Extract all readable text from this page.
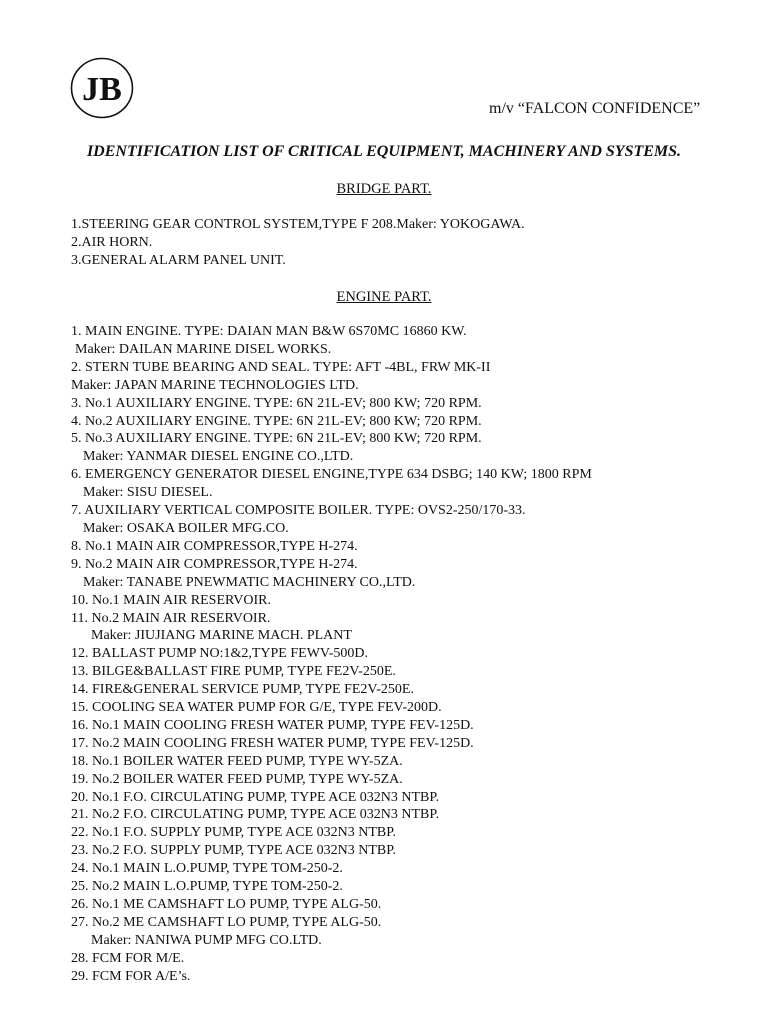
JB
m/v “FALCON CONFIDENCE”
IDENTIFICATION LIST OF CRITICAL EQUIPMENT, MACHINERY AND SYSTEMS.
BRIDGE PART.
1.STEERING GEAR CONTROL SYSTEM,TYPE F 208.Maker: YOKOGAWA.
2.AIR HORN.
3.GENERAL ALARM PANEL UNIT.
ENGINE PART.
1. MAIN ENGINE. TYPE: DAIAN MAN B&W 6S70MC 16860 KW.
Maker: DAILAN MARINE DISEL WORKS.
2. STERN TUBE BEARING AND SEAL. TYPE: AFT -4BL, FRW MK-II
Maker: JAPAN MARINE TECHNOLOGIES LTD.
3. No.1 AUXILIARY ENGINE. TYPE: 6N 21L-EV; 800 KW; 720 RPM.
4. No.2 AUXILIARY ENGINE. TYPE: 6N 21L-EV; 800 KW; 720 RPM.
5. No.3 AUXILIARY ENGINE. TYPE: 6N 21L-EV; 800 KW; 720 RPM.
Maker: YANMAR DIESEL ENGINE CO.,LTD.
6. EMERGENCY GENERATOR DIESEL ENGINE,TYPE 634 DSBG; 140 KW; 1800 RPM
Maker: SISU DIESEL.
7. AUXILIARY VERTICAL COMPOSITE BOILER. TYPE: OVS2-250/170-33.
Maker: OSAKA BOILER MFG.CO.
8. No.1 MAIN AIR COMPRESSOR,TYPE H-274.
9. No.2 MAIN AIR COMPRESSOR,TYPE H-274.
Maker: TANABE PNEWMATIC MACHINERY CO.,LTD.
10. No.1 MAIN AIR RESERVOIR.
11. No.2 MAIN AIR RESERVOIR.
Maker: JIUJIANG MARINE MACH. PLANT
12. BALLAST PUMP NO:1&2,TYPE FEWV-500D.
13. BILGE&BALLAST FIRE PUMP, TYPE FE2V-250E.
14. FIRE&GENERAL SERVICE PUMP, TYPE FE2V-250E.
15. COOLING SEA WATER PUMP FOR G/E, TYPE FEV-200D.
16. No.1 MAIN COOLING FRESH WATER PUMP, TYPE FEV-125D.
17. No.2 MAIN COOLING FRESH WATER PUMP, TYPE FEV-125D.
18. No.1 BOILER WATER FEED PUMP, TYPE WY-5ZA.
19. No.2 BOILER WATER FEED PUMP, TYPE WY-5ZA.
20. No.1 F.O. CIRCULATING PUMP, TYPE ACE 032N3 NTBP.
21. No.2 F.O. CIRCULATING PUMP, TYPE ACE 032N3 NTBP.
22. No.1 F.O. SUPPLY PUMP, TYPE ACE 032N3 NTBP.
23. No.2 F.O. SUPPLY PUMP, TYPE ACE 032N3 NTBP.
24. No.1 MAIN L.O.PUMP, TYPE TOM-250-2.
25. No.2 MAIN L.O.PUMP, TYPE TOM-250-2.
26. No.1 ME CAMSHAFT LO PUMP, TYPE ALG-50.
27. No.2 ME CAMSHAFT LO PUMP, TYPE ALG-50.
Maker: NANIWA PUMP MFG CO.LTD.
28. FCM FOR M/E.
29. FCM FOR A/E’s.
